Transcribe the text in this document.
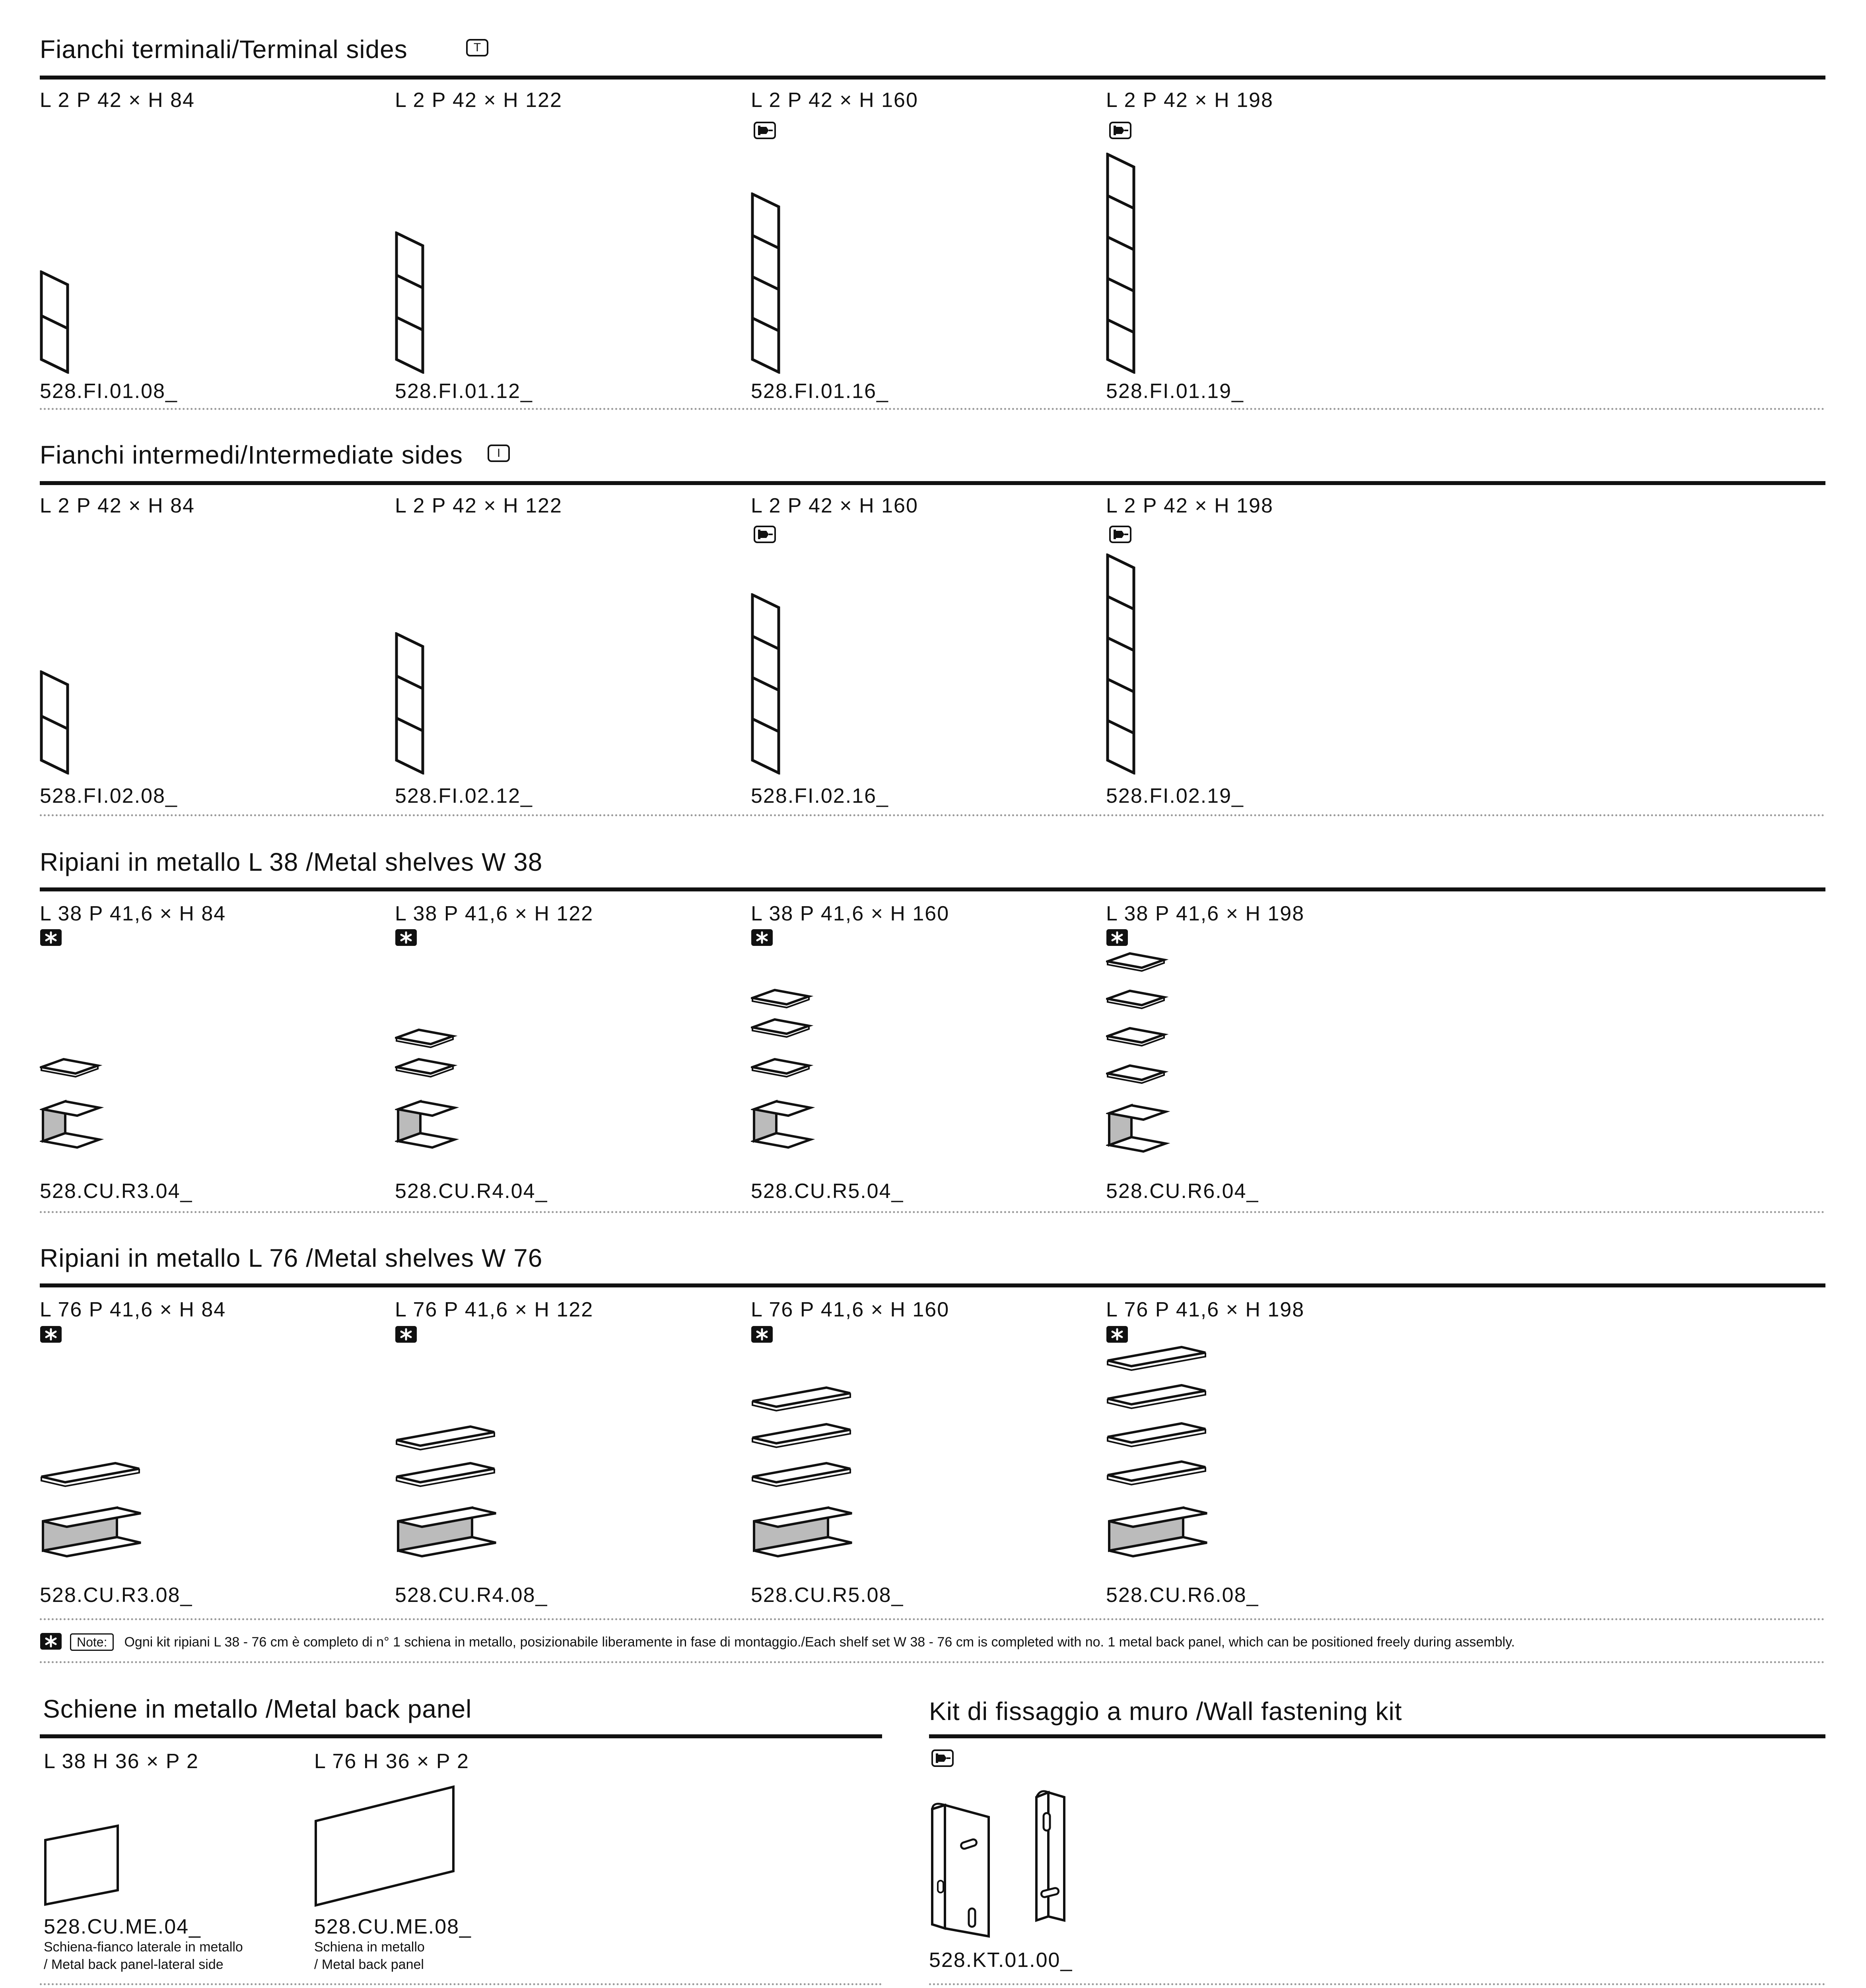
Fianchi terminali/Terminal sides	T
L 2 P 42 × H 84	L 2 P 42 × H 122	L 2 P 42 × H 160	L 2 P 42 × H 198
528.FI.01.08_	528.FI.01.12_	528.FI.01.16_	528.FI.01.19_
Fianchi intermedi/Intermediate sides	I
L 2 P 42 × H 84	L 2 P 42 × H 122	L 2 P 42 × H 160	L 2 P 42 × H 198
528.FI.02.08_	528.FI.02.12_	528.FI.02.16_	528.FI.02.19_
Ripiani in metallo L 38 /Metal shelves W 38
L 38 P 41,6 × H 84	L 38 P 41,6 × H 122	L 38 P 41,6 × H 160	L 38 P 41,6 × H 198
528.CU.R3.04_	528.CU.R4.04_	528.CU.R5.04_	528.CU.R6.04_
Ripiani in metallo L 76 /Metal shelves W 76
L 76 P 41,6 × H 84	L 76 P 41,6 × H 122	L 76 P 41,6 × H 160	L 76 P 41,6 × H 198
528.CU.R3.08_	528.CU.R4.08_	528.CU.R5.08_	528.CU.R6.08_
Note: Ogni kit ripiani L 38 - 76 cm è completo di n° 1 schiena in metallo, posizionabile liberamente in fase di montaggio./Each shelf set W 38 - 76 cm is completed with no. 1 metal back panel, which can be positioned freely during assembly.
Schiene in metallo /Metal back panel
L 38 H 36 × P 2	L 76 H 36 × P 2
528.CU.ME.04_
Schiena-fianco laterale in metallo
/ Metal back panel-lateral side
528.CU.ME.08_
Schiena in metallo
/ Metal back panel
Kit di fissaggio a muro /Wall fastening kit
528.KT.01.00_
